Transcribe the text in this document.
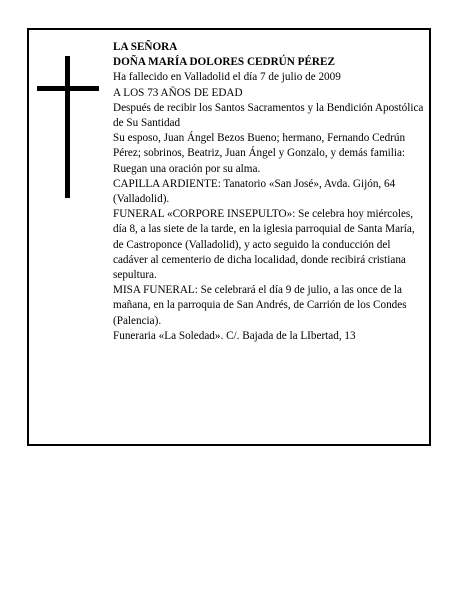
LA SEÑORA

DOÑA MARÍA DOLORES CEDRÚN PÉREZ

Ha fallecido en Valladolid el día 7 de julio de 2009

A LOS 73 AÑOS DE EDAD

Después de recibir los Santos Sacramentos y la Bendición Apostólica de Su Santidad

Su esposo, Juan Ángel Bezos Bueno; hermano, Fernando Cedrún Pérez; sobrinos, Beatriz, Juan Ángel y Gonzalo, y demás familia:

Ruegan una oración por su alma.

CAPILLA ARDIENTE: Tanatorio «San José», Avda. Gijón, 64 (Valladolid).

FUNERAL «CORPORE INSEPULTO»: Se celebra hoy miércoles, día 8, a las siete de la tarde, en la iglesia parroquial de Santa María, de Castroponce (Valladolid), y acto seguido la conducción del cadáver al cementerio de dicha localidad, donde recibirá cristiana sepultura.

MISA FUNERAL: Se celebrará el día 9 de julio, a las once de la mañana, en la parroquia de San Andrés, de Carrión de los Condes (Palencia).

Funeraria «La Soledad». C/. Bajada de la LIbertad, 13
